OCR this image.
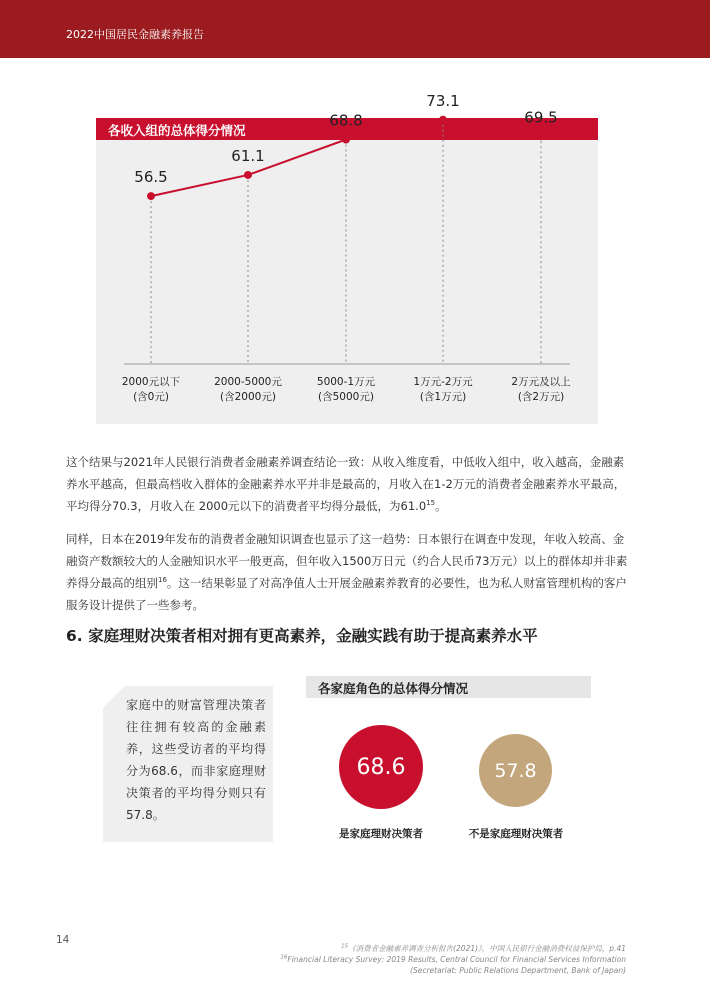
2022中国居民金融素养报告
各收入组的总体得分情况
56.5
61.1
68.8
73.1
69.5
2000元以下
(含0元)
2000-5000元
(含2000元)
5000-1万元
(含5000元)
1万元-2万元
(含1万元)
2万元及以上
(含2万元)

这个结果与2021年人民银行消费者金融素养调查结论一致：从收入维度看，中低收入组中，收入越高，金融素养水平越高，但最高档收入群体的金融素养水平并非是最高的，月收入在1-2万元的消费者金融素养水平最高，平均得分70.3，月收入在 2000元以下的消费者平均得分最低，为61.0$^{15}$。

同样，日本在2019年发布的消费者金融知识调查也显示了这一趋势：日本银行在调查中发现，年收入较高、金融资产数额较大的人金融知识水平一般更高，但年收入1500万日元（约合人民币73万元）以上的群体却并非素养得分最高的组别$^{16}$。这一结果彰显了对高净值人士开展金融素养教育的必要性，也为私人财富管理机构的客户服务设计提供了一些参考。

6. 家庭理财决策者相对拥有更高素养，金融实践有助于提高素养水平

家庭中的财富管理决策者往往拥有较高的金融素养，这些受访者的平均得分为68.6，而非家庭理财决策者的平均得分则只有57.8。

各家庭角色的总体得分情况
68.6	57.8
是家庭理财决策者	不是家庭理财决策者
14
$^{15}$《消费者金融素养调查分析报告(2021)》，中国人民银行金融消费权益保护局，p.41
$^{16}$Financial Literacy Survey: 2019 Results, Central Council for Financial Services Information
(Secretariat: Public Relations Department, Bank of Japan)
